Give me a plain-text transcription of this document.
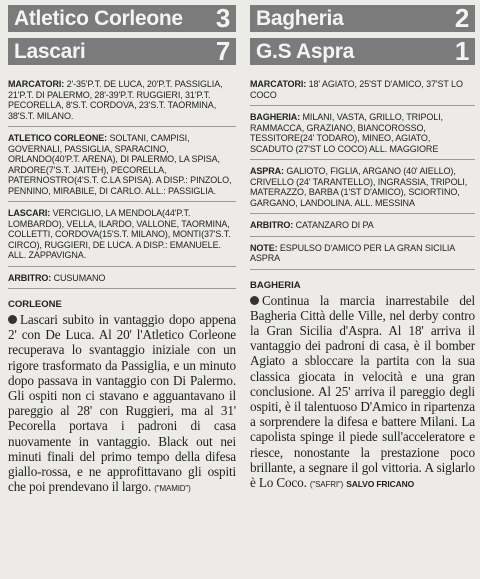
Atletico Corleone 3
Lascari	7
MARCATORI: 2'-35'P.T. DE LUCA, 20'P.T. PASSIGLIA, 21'P.T. DI PALERMO, 28'-39'P.T. RUGGIERI, 31'P.T. PECORELLA, 8'S.T. CORDOVA, 23'S.T. TAORMINA, 38'S.T. MILANO.
ATLETICO CORLEONE: SOLTANI, CAMPISI, GOVERNALI, PASSIGLIA, SPARACINO, ORLANDO(40'P.T. ARENA), DI PALERMO, LA SPISA, ARDORE(7'S.T. JAITEH), PECORELLA, PATERNOSTRO(4'S.T. C.LA SPISA). A DISP.: PINZOLO, PENNINO, MIRABILE, DI CARLO. ALL.: PASSIGLIA.
LASCARI: VERCIGLIO, LA MENDOLA(44'P.T. LOMBARDO), VELLA, ILARDO, VALLONE, TAORMINA, COLLETTI, CORDOVA(15'S.T. MILANO), MONTI(37'S.T. CIRCO), RUGGIERI, DE LUCA. A DISP.: EMANUELE. ALL. ZAPPAVIGNA.
ARBITRO: CUSUMANO
CORLEONE
Lascari subito in vantaggio dopo appena 2' con De Luca. Al 20' l'Atletico Corleone recuperava lo svantaggio iniziale con un rigore trasformato da Passiglia, e un minuto dopo passava in vantaggio con Di Palermo. Gli ospiti non ci stavano e agguantavano il pareggio al 28' con Ruggieri, ma al 31' Pecorella portava i padroni di casa nuovamente in vantaggio. Black out nei minuti finali del primo tempo della difesa giallo-rossa, e ne approfittavano gli ospiti che poi prendevano il largo. ("MAMID")
Bagheria	2
G.S Aspra	1
MARCATORI: 18' AGIATO, 25'ST D'AMICO, 37'ST LO COCO
BAGHERIA: MILANI, VASTA, GRILLO, TRIPOLI, RAMMACCA, GRAZIANO, BIANCOROSSO, TESSITORE(24' TODARO), MINEO, AGIATO, SCADUTO (27'ST LO COCO) ALL. MAGGIORE
ASPRA: GALIOTO, FIGLIA, ARGANO (40' AIELLO), CRIVELLO (24' TARANTELLO), INGRASSIA, TRIPOLI, MATERAZZO, BARBA (1'ST D'AMICO), SCIORTINO, GARGANO, LANDOLINA. ALL. MESSINA
ARBITRO: CATANZARO DI PA
NOTE: ESPULSO D'AMICO PER LA GRAN SICILIA ASPRA
BAGHERIA
Continua la marcia inarrestabile del Bagheria Città delle Ville, nel derby contro la Gran Sicilia d'Aspra. Al 18' arriva il vantaggio dei padroni di casa, è il bomber Agiato a sbloccare la partita con la sua classica giocata in velocità e una gran conclusione. Al 25' arriva il pareggio degli ospiti, è il talentuoso D'Amico in ripartenza a sorprendere la difesa e battere Milani. La capolista spinge il piede sull'acceleratore e riesce, nonostante la prestazione poco brillante, a segnare il gol vittoria. A siglarlo è Lo Coco. ("SAFRI") SALVO FRICANO
